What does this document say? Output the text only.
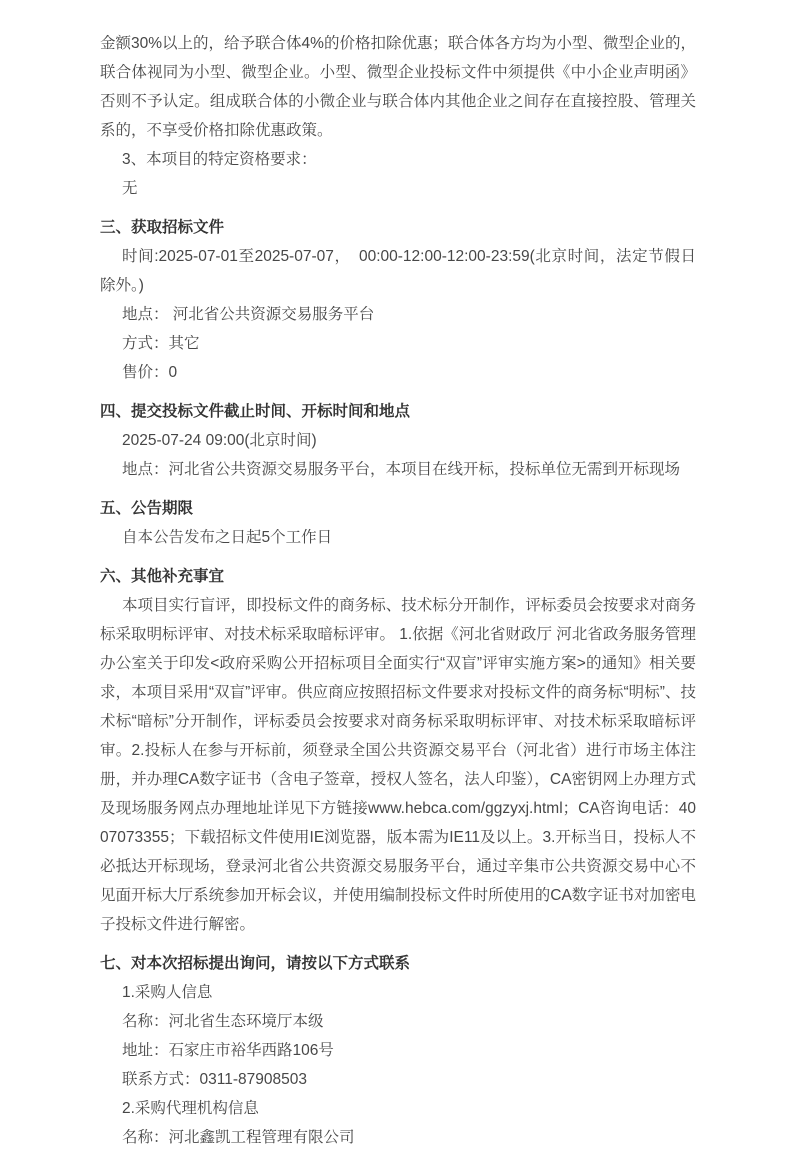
金额30%以上的，给予联合体4%的价格扣除优惠；联合体各方均为小型、微型企业的，联合体视同为小型、微型企业。小型、微型企业投标文件中须提供《中小企业声明函》否则不予认定。组成联合体的小微企业与联合体内其他企业之间存在直接控股、管理关系的，不享受价格扣除优惠政策。

3、本项目的特定资格要求：

无

三、获取招标文件

时间:2025-07-01至2025-07-07，　00:00-12:00-12:00-23:59(北京时间，法定节假日除外。)

地点： 河北省公共资源交易服务平台

方式：其它

售价：0

四、提交投标文件截止时间、开标时间和地点

2025-07-24 09:00(北京时间)

地点：河北省公共资源交易服务平台，本项目在线开标，投标单位无需到开标现场

五、公告期限

自本公告发布之日起5个工作日

六、其他补充事宜

本项目实行盲评，即投标文件的商务标、技术标分开制作，评标委员会按要求对商务标采取明标评审、对技术标采取暗标评审。 1.依据《河北省财政厅 河北省政务服务管理办公室关于印发<政府采购公开招标项目全面实行“双盲”评审实施方案>的通知》相关要求，本项目采用“双盲”评审。供应商应按照招标文件要求对投标文件的商务标“明标”、技术标“暗标”分开制作，评标委员会按要求对商务标采取明标评审、对技术标采取暗标评审。2.投标人在参与开标前，须登录全国公共资源交易平台（河北省）进行市场主体注册，并办理CA数字证书（含电子签章，授权人签名，法人印鉴），CA密钥网上办理方式及现场服务网点办理地址详见下方链接www.hebca.com/ggzyxj.html；CA咨询电话：4007073355；下载招标文件使用IE浏览器，版本需为IE11及以上。3.开标当日，投标人不必抵达开标现场，登录河北省公共资源交易服务平台，通过辛集市公共资源交易中心不见面开标大厅系统参加开标会议，并使用编制投标文件时所使用的CA数字证书对加密电子投标文件进行解密。

七、对本次招标提出询问，请按以下方式联系

1.采购人信息

名称：河北省生态环境厅本级

地址：石家庄市裕华西路106号

联系方式：0311-87908503

2.采购代理机构信息

名称：河北鑫凯工程管理有限公司
